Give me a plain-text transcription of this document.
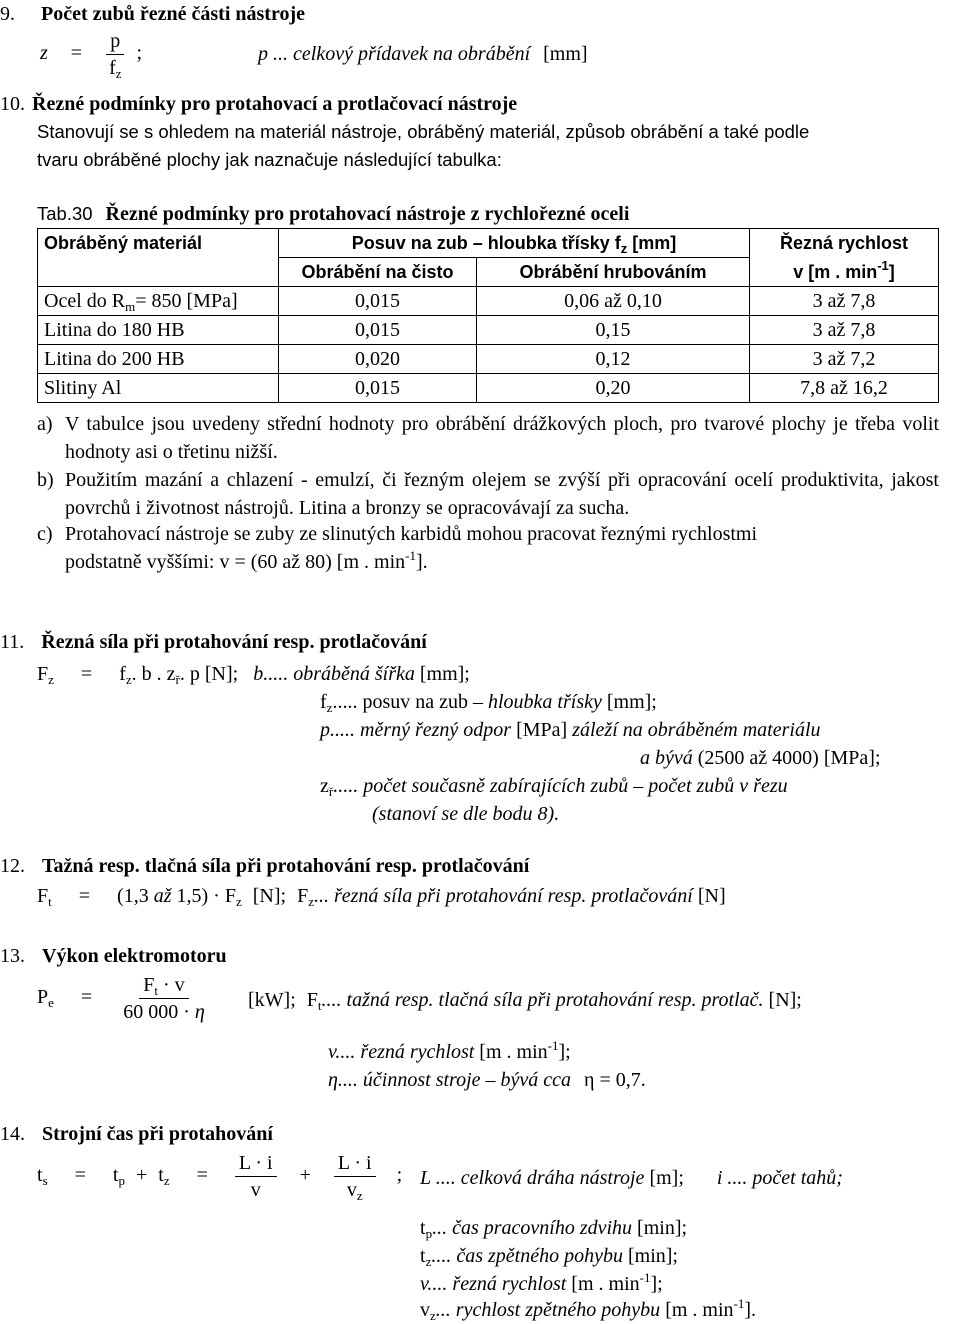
9. Počet zubů řezné části nástroje
$z = \frac{p}{f_z}$ ;	p ... celkový přídavek na obrábění [mm]
10. Řezné podmínky pro protahovací a protlačovací nástroje
Stanovují se s ohledem na materiál nástroje, obráběný materiál, způsob obrábění a také podle
tvaru obráběné plochy jak naznačuje následující tabulka:
Tab.30 Řezné podmínky pro protahovací nástroje z rychlořezné oceli
Obráběný materiál	Posuv na zub – hloubka třísky $f_z$ [mm]		Řezná rychlost
	Obrábění na čisto	Obrábění hrubováním	v [m . $\min^{-1}$]
Ocel do $R_m= 850$ [MPa]	0,015	0,06 až 0,10	3 až 7,8
Litina do 180 HB	0,015	0,15	3 až 7,8
Litina do 200 HB	0,020	0,12	3 až 7,2
Slitiny Al	0,015	0,20	7,8 až 16,2
a) V tabulce jsou uvedeny střední hodnoty pro obrábění drážkových ploch, pro tvarové plochy je třeba volit hodnoty asi o třetinu nižší.
b) Použitím mazání a chlazení - emulzí, či řezným olejem se zvýší při opracování ocelí produktivita, jakost povrchů i životnost nástrojů. Litina a bronzy se opracovávají za sucha.
c) Protahovací nástroje se zuby ze slinutých karbidů mohou pracovat řeznými rychlostmi
podstatně vyššími: v = (60 až 80) [m . $\min^{-1}$].
11. Řezná síla při protahování resp. protlačování
$F_z = f_z$. b . $z_ř$. p [N]; b..... obráběná šířka [mm];
$f_z$..... posuv na zub – hloubka třísky [mm];
p..... měrný řezný odpor [MPa] záleží na obráběném materiálu
a bývá (2500 až 4000) [MPa];
$z_ř$..... počet současně zabírajících zubů – počet zubů v řezu
(stanoví se dle bodu 8).
12. Tažná resp. tlačná síla při protahování resp. protlačování
$F_t = (1,3$ až $1,5) \cdot F_z$ [N]; $F_z$... řezná síla při protahování resp. protlačování [N]
13. Výkon elektromotoru
$P_e = \frac{F_t \cdot v}{60 000 \cdot \eta} [kW]$; $F_t$.... tažná resp. tlačná síla při protahování resp. protlač. [N];
v.... řezná rychlost [m . $\min^{-1}$];
η.... účinnost stroje – bývá cca η = 0,7.
14. Strojní čas při protahování
$t_s = t_p + t_z = \frac{L \cdot i}{v} + \frac{L \cdot i}{v_z}$ ; L .... celková dráha nástroje [m]; i .... počet tahů;
$t_p$... čas pracovního zdvihu [min];
$t_z$.... čas zpětného pohybu [min];
v.... řezná rychlost [m . $\min^{-1}$];
$v_z$... rychlost zpětného pohybu [m . $\min^{-1}$].
